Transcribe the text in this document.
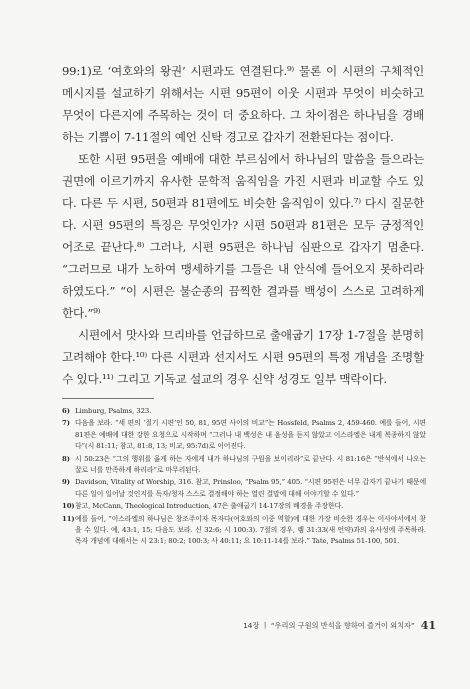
99:1)로 ‘여호와의 왕권’ 시편과도 연결된다.⁹⁾ 물론 이 시편의 구체적인 메시지를 설교하기 위해서는 시편 95편이 이웃 시편과 무엇이 비슷하고 무엇이 다른지에 주목하는 것이 더 중요하다. 그 차이점은 하나님을 경배하는 기쁨이 7-11절의 예언 신탁 경고로 갑자기 전환된다는 점이다.

또한 시편 95편을 예배에 대한 부르심에서 하나님의 말씀을 들으라는 권면에 이르기까지 유사한 문학적 움직임을 가진 시편과 비교할 수도 있다. 다른 두 시편, 50편과 81편에도 비슷한 움직임이 있다.⁷⁾ 다시 질문한다. 시편 95편의 특징은 무엇인가? 시편 50편과 81편은 모두 긍정적인 어조로 끝난다.⁸⁾ 그러나, 시편 95편은 하나님 심판으로 갑자기 멈춘다. “그러므로 내가 노하여 맹세하기를 그들은 내 안식에 들어오지 못하리라 하였도다.” “이 시편은 불순종의 끔찍한 결과를 백성이 스스로 고려하게 한다.”⁹⁾

시편에서 맛사와 므리바를 언급하므로 출애굽기 17장 1-7절을 분명히 고려해야 한다.¹⁰⁾ 다른 시편과 선지서도 시편 95편의 특정 개념을 조명할 수 있다.¹¹⁾ 그리고 기독교 설교의 경우 신약 성경도 일부 맥락이다.

6) Limburg, Psalms, 323.
7) 다음을 보라. “세 편의 ‘절기 시편’인 50, 81, 95편 사이의 비교”는 Hossfeld, Psalms 2, 459-460. 예를 들어, 시편 81편은 예배에 대한 강한 요청으로 시작하며 “그러나 내 백성은 내 음성을 듣지 않았고 이스라엘은 내게 복종하지 않았다”(시 81:11; 참고, 81:8, 13; 비교, 95:7d)로 이어진다.
8) 시 50:23은 “그의 행위를 옳게 하는 자에게 내가 하나님의 구원을 보이리라”로 끝난다. 시 81:16은 “반석에서 나오는 꿀로 너를 만족하게 하리라”로 마무리된다.
9) Davidson, Vitality of Worship, 316. 참고, Prinsloo, “Psalm 95,” 405. “시편 95편은 너무 갑자기 끝나기 때문에 다른 일이 일어날 것인지를 독자/청자 스스로 결정해야 하는 열린 결말에 대해 이야기할 수 있다.”
10) 참고, McCann, Theological Introduction, 47은 출애굽기 14-17장의 배경을 주장한다.
11) 예를 들어, “이스라엘의 하나님은 창조주이자 목자다(여호와의 이중 역할)에 대한 가장 비슷한 경우는 이사야서에서 찾을 수 있다. 예, 43:1, 15; 다음도 보라. 신 32:6; 시 100:3). 7절의 경우, 렘 31:33(새 언약)과의 유사성에 주목하라. 목자 개념에 대해서는 시 23:1; 80:2; 100:3; 사 40:11; 요 10:11-14를 보라.” Tate, Psalms 51-100, 501.
14장 ㅣ “우리의 구원의 반석을 향하여 즐거이 외치자” 41
